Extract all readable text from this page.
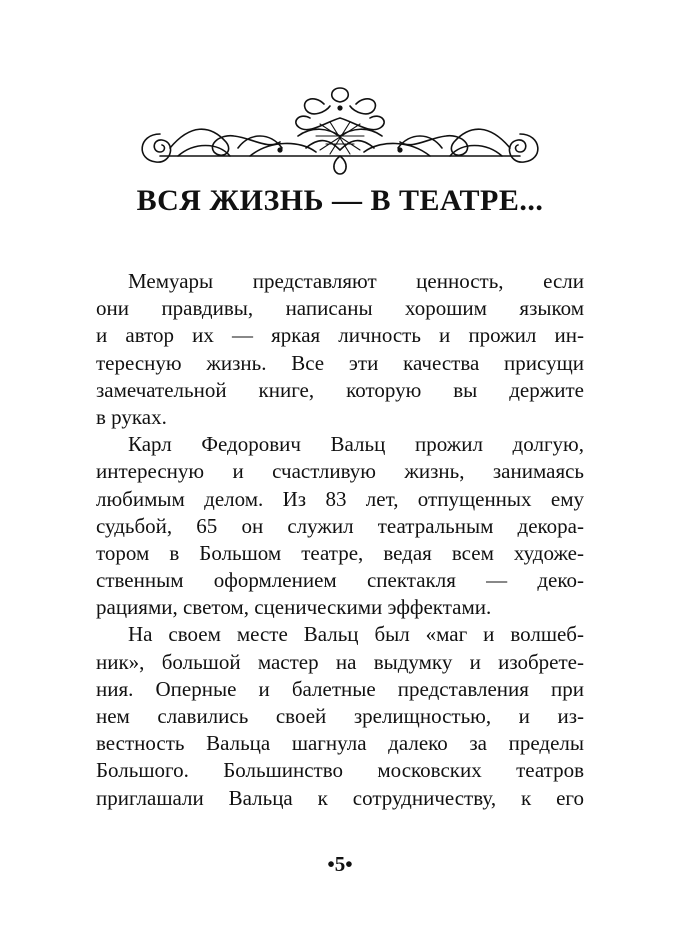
ВСЯ ЖИЗНЬ — В ТЕАТРЕ...
Мемуары представляют ценность, если
они правдивы, написаны хорошим языком
и автор их — яркая личность и прожил ин-
тересную жизнь. Все эти качества присущи
замечательной книге, которую вы держите
в руках.
Карл Федорович Вальц прожил долгую,
интересную и счастливую жизнь, занимаясь
любимым делом. Из 83 лет, отпущенных ему
судьбой, 65 он служил театральным декора-
тором в Большом театре, ведая всем художе-
ственным оформлением спектакля — деко-
рациями, светом, сценическими эффектами.
На своем месте Вальц был «маг и волшеб-
ник», большой мастер на выдумку и изобрете-
ния. Оперные и балетные представления при
нем славились своей зрелищностью, и из-
вестность Вальца шагнула далеко за пределы
Большого. Большинство московских театров
приглашали Вальца к сотрудничеству, к его
•5•
